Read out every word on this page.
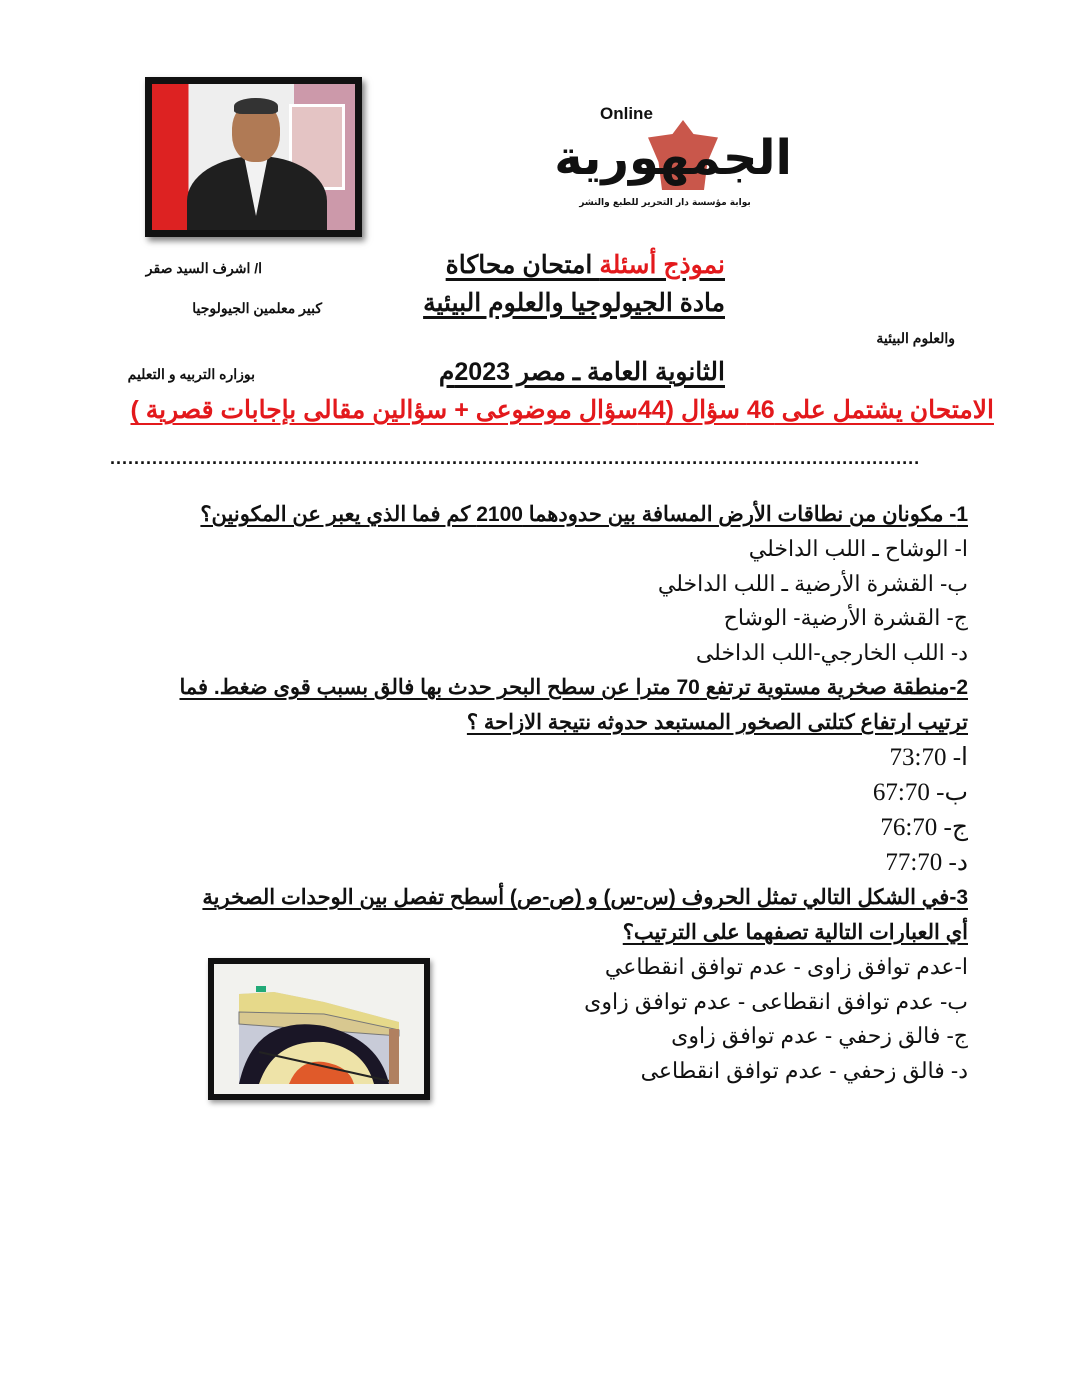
Online
الجمهورية
بوابة مؤسسة دار التحرير للطبع والنشر
ا/ اشرف السيد صقر
كبير معلمين الجيولوجيا
بوزاره التربيه و التعليم
نموذج أسئلة امتحان محاكاة
مادة الجيولوجيا والعلوم البيئية
والعلوم البيئية
الثانوية العامة ـ مصر 2023م
الامتحان يشتمل على 46 سؤال (44سؤال موضوعى + سؤالين مقالى بإجابات قصرية )
.......................................................................................................................................
1- مكونان من نطاقات الأرض المسافة بين حدودهما 2100 كم فما الذي يعبر عن المكونين؟
ا- الوشاح ـ اللب الداخلي
ب- القشرة الأرضية ـ اللب الداخلي
ج- القشرة الأرضية- الوشاح
د- اللب الخارجي-اللب الداخلى
2-منطقة صخرية مستوية ترتفع 70 مترا عن سطح البحر حدث بها فالق بسبب قوى ضغط. فما
ترتيب ارتفاع كتلتى الصخور المستبعد حدوثه نتيجة الازاحة ؟
ا- 73:70
ب- 67:70
ج- 76:70
د- 77:70
3-في الشكل التالي تمثل الحروف (س-س) و (ص-ص) أسطح تفصل بين الوحدات الصخرية
أي العبارات التالية تصفهما على الترتيب؟
ا-عدم توافق زاوى - عدم توافق انقطاعي
ب- عدم توافق انقطاعى - عدم توافق زاوى
ج- فالق زحفي - عدم توافق زاوى
د- فالق زحفي - عدم توافق انقطاعى
